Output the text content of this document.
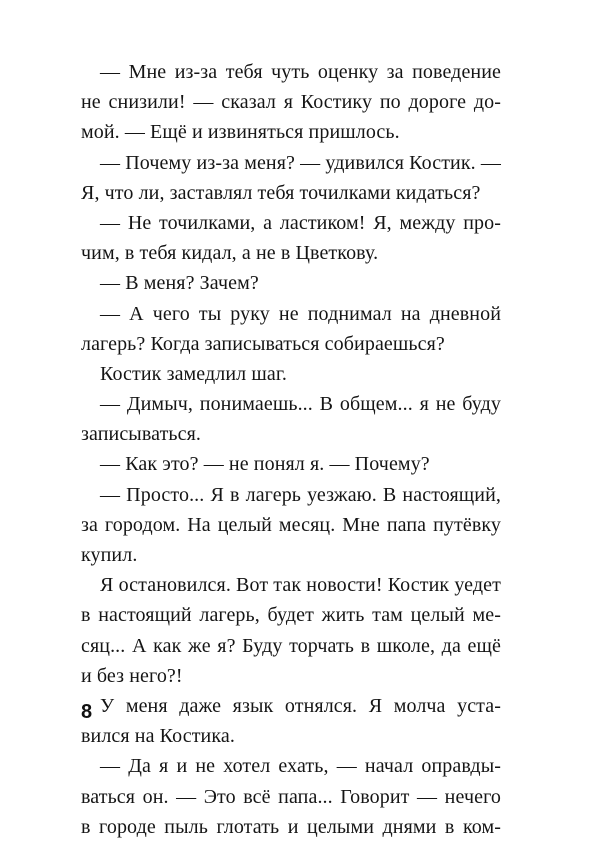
— Мне из-за тебя чуть оценку за поведение
не снизили! — сказал я Костику по дороге до-
мой. — Ещё и извиняться пришлось.
— Почему из-за меня? — удивился Костик. —
Я, что ли, заставлял тебя точилками кидаться?
— Не точилками, а ластиком! Я, между про-
чим, в тебя кидал, а не в Цветкову.
— В меня? Зачем?
— А чего ты руку не поднимал на дневной
лагерь? Когда записываться собираешься?
Костик замедлил шаг.
— Димыч, понимаешь... В общем... я не буду
записываться.
— Как это? — не понял я. — Почему?
— Просто... Я в лагерь уезжаю. В настоящий,
за городом. На целый месяц. Мне папа путёвку
купил.
Я остановился. Вот так новости! Костик уедет
в настоящий лагерь, будет жить там целый ме-
сяц... А как же я? Буду торчать в школе, да ещё
и без него?!
У меня даже язык отнялся. Я молча уста-
вился на Костика.
— Да я и не хотел ехать, — начал оправды-
ваться он. — Это всё папа... Говорит — нечего
в городе пыль глотать и целыми днями в ком-
8
